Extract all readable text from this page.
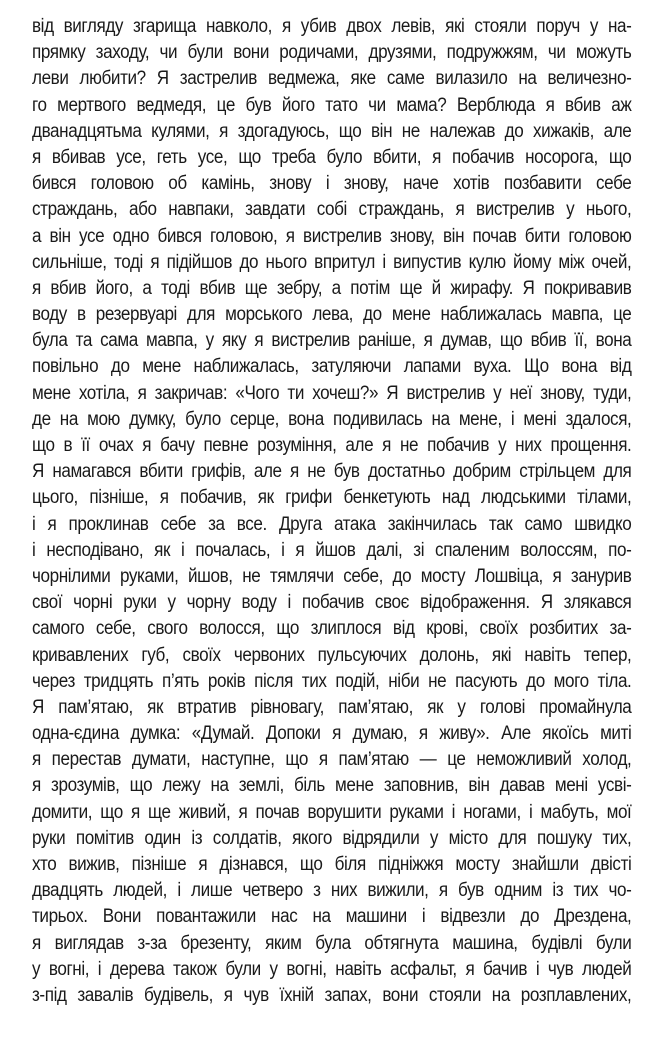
від вигляду згарища навколо, я убив двох левів, які стояли поруч у на-
прямку заходу, чи були вони родичами, друзями, подружжям, чи можуть
леви любити? Я застрелив ведмежа, яке саме вилазило на величезно-
го мертвого ведмедя, це був його тато чи мама? Верблюда я вбив аж
дванадцятьма кулями, я здогадуюсь, що він не належав до хижаків, але
я вбивав усе, геть усе, що треба було вбити, я побачив носорога, що
бився головою об камінь, знову і знову, наче хотів позбавити себе
страждань, або навпаки, завдати собі страждань, я вистрелив у нього,
а він усе одно бився головою, я вистрелив знову, він почав бити головою
сильніше, тоді я підійшов до нього впритул і випустив кулю йому між очей,
я вбив його, а тоді вбив ще зебру, а потім ще й жирафу. Я покривавив
воду в резервуарі для морського лева, до мене наближалась мавпа, це
була та сама мавпа, у яку я вистрелив раніше, я думав, що вбив її, вона
повільно до мене наближалась, затуляючи лапами вуха. Що вона від
мене хотіла, я закричав: «Чого ти хочеш?» Я вистрелив у неї знову, туди,
де на мою думку, було серце, вона подивилась на мене, і мені здалося,
що в її очах я бачу певне розуміння, але я не побачив у них прощення.
Я намагався вбити грифів, але я не був достатньо добрим стрільцем для
цього, пізніше, я побачив, як грифи бенкетують над людськими тілами,
і я проклинав себе за все. Друга атака закінчилась так само швидко
і несподівано, як і почалась, і я йшов далі, зі спаленим волоссям, по-
чорнілими руками, йшов, не тямлячи себе, до мосту Лошвіца, я занурив
свої чорні руки у чорну воду і побачив своє відображення. Я злякався
самого себе, свого волосся, що злиплося від крові, своїх розбитих за-
кривавлених губ, своїх червоних пульсуючих долонь, які навіть тепер,
через тридцять п’ять років після тих подій, ніби не пасують до мого тіла.
Я пам’ятаю, як втратив рівновагу, пам’ятаю, як у голові промайнула
одна-єдина думка: «Думай. Допоки я думаю, я живу». Але якоїсь миті
я перестав думати, наступне, що я пам’ятаю — це неможливий холод,
я зрозумів, що лежу на землі, біль мене заповнив, він давав мені усві-
домити, що я ще живий, я почав ворушити руками і ногами, і мабуть, мої
руки помітив один із солдатів, якого відрядили у місто для пошуку тих,
хто вижив, пізніше я дізнався, що біля підніжжя мосту знайшли двісті
двадцять людей, і лише четверо з них вижили, я був одним із тих чо-
тирьох. Вони повантажили нас на машини і відвезли до Дрездена,
я виглядав з-за брезенту, яким була обтягнута машина, будівлі були
у вогні, і дерева також були у вогні, навіть асфальт, я бачив і чув людей
з-під завалів будівель, я чув їхній запах, вони стояли на розплавлених,
